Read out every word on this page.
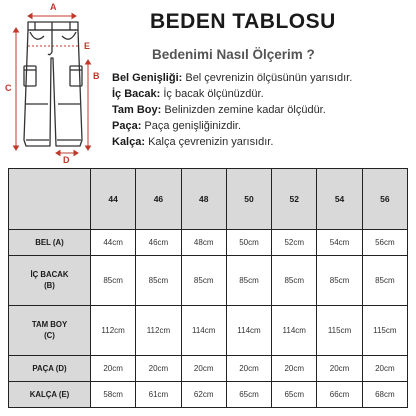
A
C
B
E
D
BEDEN TABLOSU
Bedenimi Nasıl Ölçerim ?
Bel Genişliği: Bel çevrenizin ölçüsünün yarısıdır.
İç Bacak: İç bacak ölçünüzdür.
Tam Boy: Belinizden zemine kadar ölçüdür.
Paça: Paça genişliğinizdir.
Kalça: Kalça çevrenizin yarısıdır.
	44	46	48	50	52	54	56

BEL (A)	44cm	46cm	48cm	50cm	52cm	54cm	56cm

İÇ BACAK
(B)	85cm	85cm	85cm	85cm	85cm	85cm	85cm

TAM BOY
(C)	112cm	112cm	114cm	114cm	114cm	115cm	115cm

PAÇA (D)	20cm	20cm	20cm	20cm	20cm	20cm	20cm

KALÇA (E)	58cm	61cm	62cm	65cm	65cm	66cm	68cm
